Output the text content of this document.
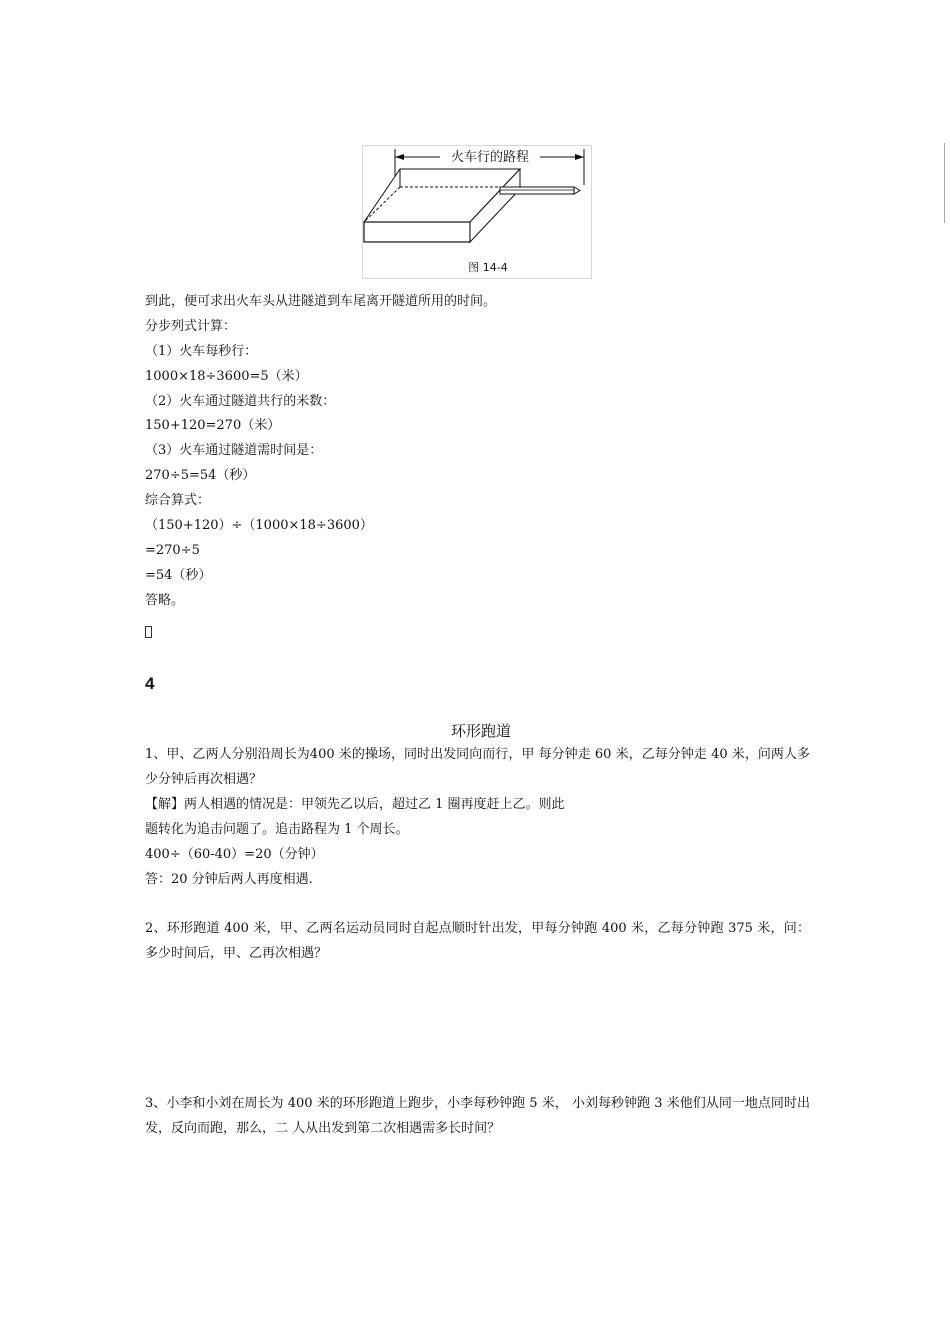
火车行的路程
图 14-4
到此，便可求出火车头从进隧道到车尾离开隧道所用的时间。
分步列式计算：
（1）火车每秒行：
1000×18÷3600=5（米）
（2）火车通过隧道共行的米数：
150+120=270（米）
（3）火车通过隧道需时间是：
270÷5=54（秒）
综合算式：
（150+120）÷（1000×18÷3600）
=270÷5
=54（秒）
答略。
4
环形跑道
1、甲、乙两人分别沿周长为400 米的操场，同时出发同向而行，甲 每分钟走 60 米，乙每分钟走 40 米，问两人多少分钟后再次相遇？
【解】两人相遇的情况是：甲领先乙以后，超过乙 1 圈再度赶上乙。则此
题转化为追击问题了。追击路程为 1 个周长。
400÷（60-40）=20（分钟）
答：20 分钟后两人再度相遇.
2、环形跑道 400 米，甲、乙两名运动员同时自起点顺时针出发，甲每分钟跑 400 米，乙每分钟跑 375 米，问：多少时间后，甲、乙再次相遇？
3、小李和小刘在周长为 400 米的环形跑道上跑步，小李每秒钟跑 5 米， 小刘每秒钟跑 3 米他们从同一地点同时出发，反向而跑，那么，二 人从出发到第二次相遇需多长时间？
